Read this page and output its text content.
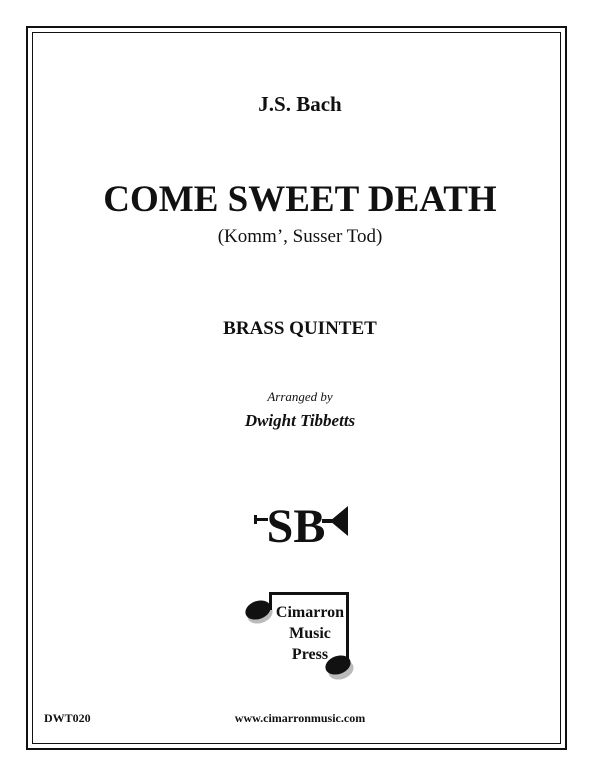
J.S. Bach
COME SWEET DEATH
(Komm’, Susser Tod)
BRASS QUINTET
Arranged by
Dwight Tibbetts
SB
Cimarron
Music
Press
DWT020	www.cimarronmusic.com
